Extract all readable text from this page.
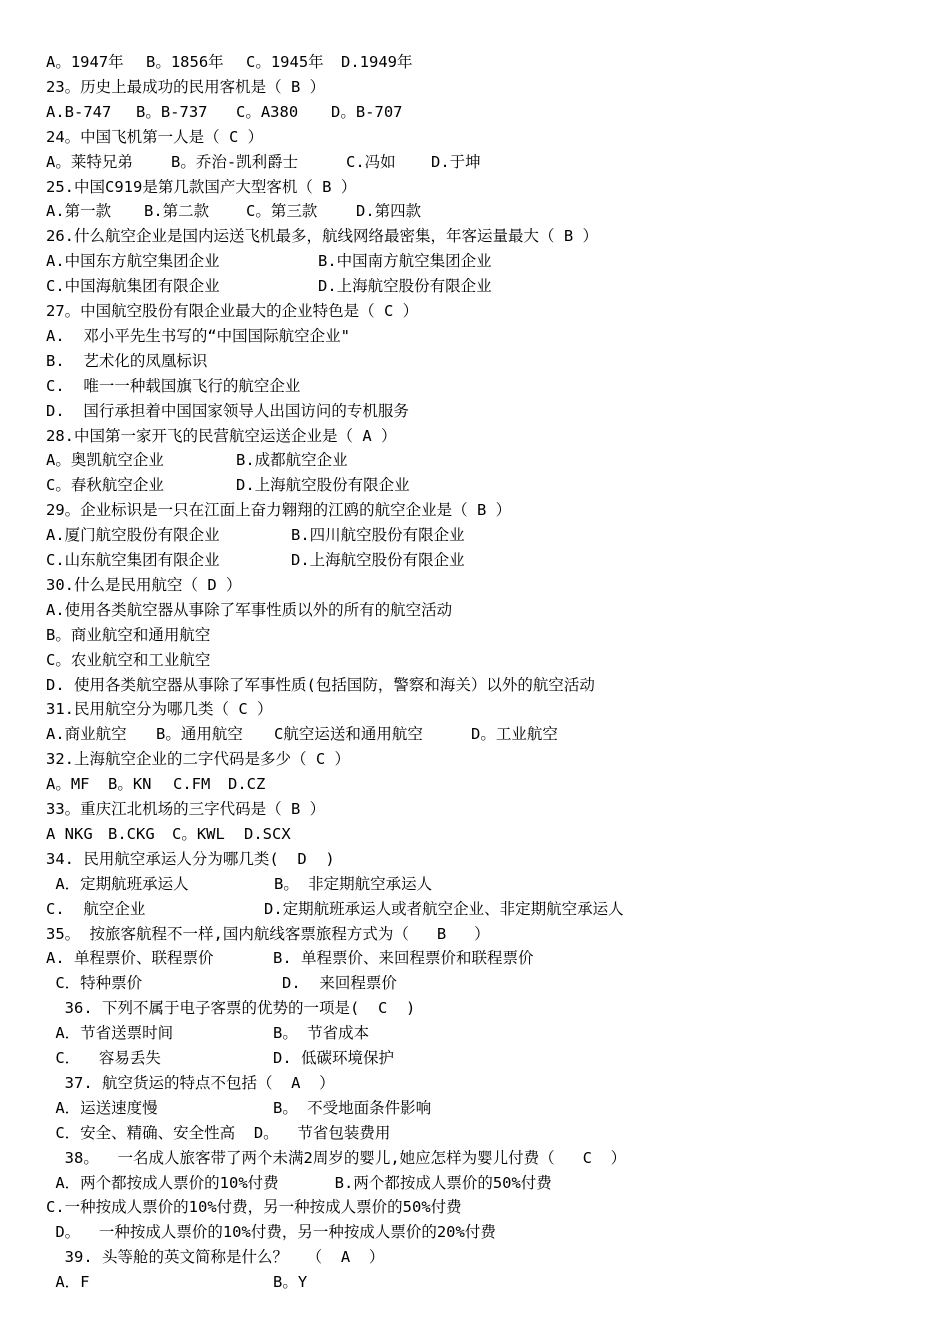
A。1947年 B。1856年 C。1945年 D.1949年
23。历史上最成功的民用客机是（ B ）
A.B-747 B。B-737 C。A380 D。B-707
24。中国飞机第一人是（ C ）
A。莱特兄弟 B。乔治-凯利爵士	C.冯如 D.于坤
25.中国C919是第几款国产大型客机（ B ）
A.第一款 B.第二款 C。第三款 D.第四款
26.什么航空企业是国内运送飞机最多，航线网络最密集，年客运量最大（ B ）
A.中国东方航空集团企业	B.中国南方航空集团企业
C.中国海航集团有限企业	D.上海航空股份有限企业
27。中国航空股份有限企业最大的企业特色是（ C ）
A.  邓小平先生书写的“中国国际航空企业"
B.  艺术化的凤凰标识
C.  唯一一种载国旗飞行的航空企业
D.  国行承担着中国国家领导人出国访问的专机服务
28.中国第一家开飞的民营航空运送企业是（ A ）
A。奥凯航空企业	B.成都航空企业
C。春秋航空企业	D.上海航空股份有限企业
29。企业标识是一只在江面上奋力翱翔的江鸥的航空企业是（ B ）
A.厦门航空股份有限企业	B.四川航空股份有限企业
C.山东航空集团有限企业	D.上海航空股份有限企业
30.什么是民用航空（ D ）
A.使用各类航空器从事除了军事性质以外的所有的航空活动
B。商业航空和通用航空
C。农业航空和工业航空
D. 使用各类航空器从事除了军事性质(包括国防，警察和海关）以外的航空活动
31.民用航空分为哪几类（ C ）
A.商业航空 B。通用航空 C航空运送和通用航空	D。工业航空
32.上海航空企业的二字代码是多少（ C ）
A。MF B。KN C.FM D.CZ
33。重庆江北机场的三字代码是（ B ）
A NKG B.CKG C。KWL D.SCX
34. 民用航空承运人分为哪几类(  D  )
A．定期航班承运人	B。 非定期航空承运人
C.  航空企业	D.定期航班承运人或者航空企业、非定期航空承运人
35。 按旅客航程不一样,国内航线客票旅程方式为（   B   ）
A. 单程票价、联程票价	B. 单程票价、来回程票价和联程票价
C．特种票价	D.  来回程票价
36. 下列不属于电子客票的优势的一项是(  C  )
A．节省送票时间	B。 节省成本
C．  容易丢失	D. 低碳环境保护
37. 航空货运的特点不包括（  A  ）
A．运送速度慢	B。 不受地面条件影响
C．安全、精确、安全性高  D。  节省包装费用
38。  一名成人旅客带了两个未满2周岁的婴儿,她应怎样为婴儿付费（   C  ）
A．两个都按成人票价的10%付费      B.两个都按成人票价的50%付费
C.一种按成人票价的10%付费，另一种按成人票价的50%付费
D。  一种按成人票价的10%付费，另一种按成人票价的20%付费
39. 头等舱的英文简称是什么？  （  A  ）
A．F	B。Y
